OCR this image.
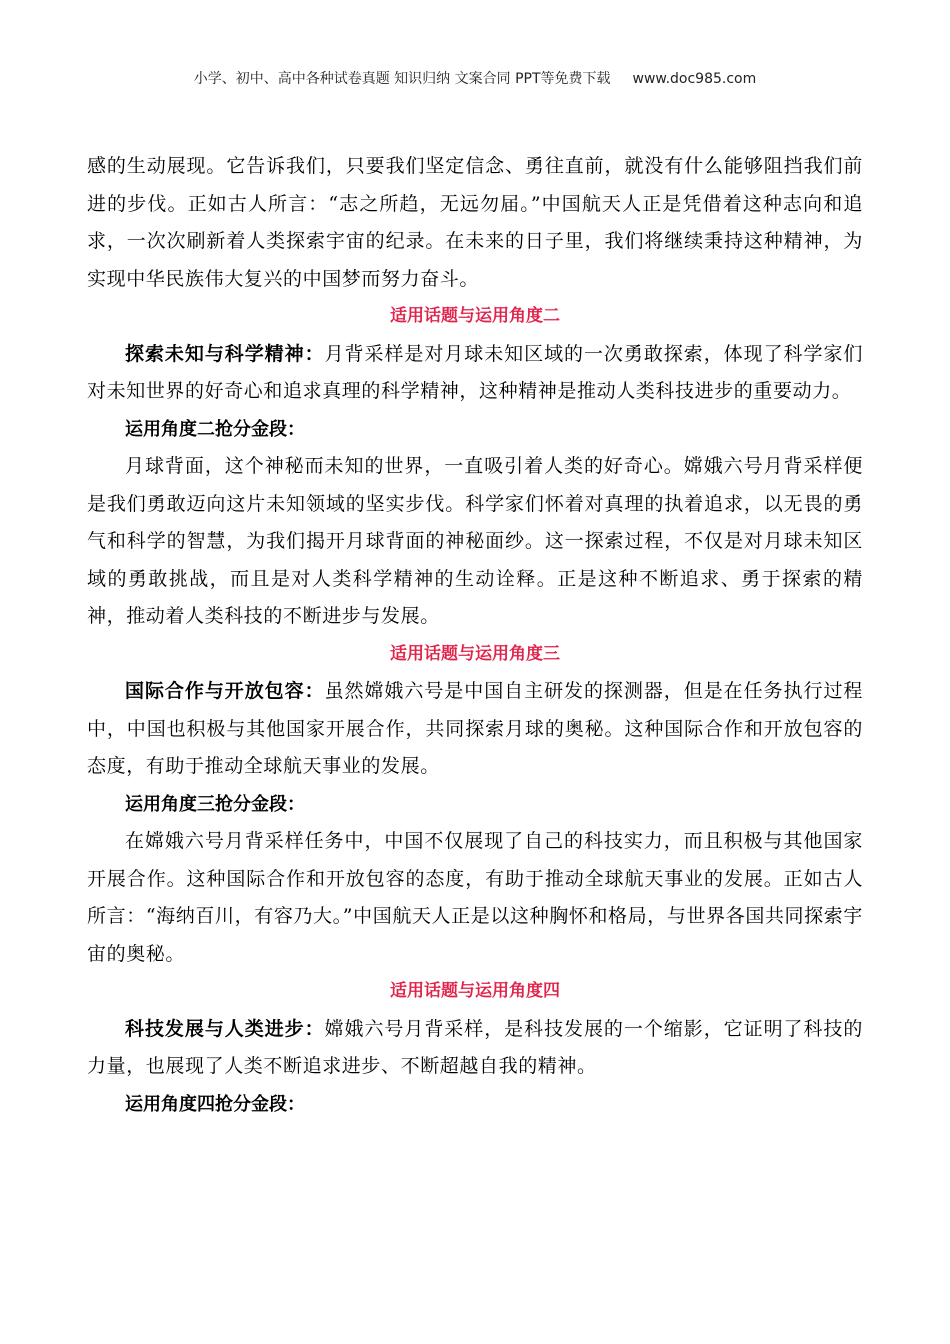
小学、初中、高中各种试卷真题 知识归纳 文案合同 PPT等免费下载 www.doc985.com

感的生动展现。它告诉我们，只要我们坚定信念、勇往直前，就没有什么能够阻挡我们前进的步伐。正如古人所言：“志之所趋，无远勿届。”中国航天人正是凭借着这种志向和追求，一次次刷新着人类探索宇宙的纪录。在未来的日子里，我们将继续秉持这种精神，为实现中华民族伟大复兴的中国梦而努力奋斗。

适用话题与运用角度二

探索未知与科学精神：月背采样是对月球未知区域的一次勇敢探索，体现了科学家们对未知世界的好奇心和追求真理的科学精神，这种精神是推动人类科技进步的重要动力。

运用角度二抢分金段：

月球背面，这个神秘而未知的世界，一直吸引着人类的好奇心。嫦娥六号月背采样便是我们勇敢迈向这片未知领域的坚实步伐。科学家们怀着对真理的执着追求，以无畏的勇气和科学的智慧，为我们揭开月球背面的神秘面纱。这一探索过程，不仅是对月球未知区域的勇敢挑战，而且是对人类科学精神的生动诠释。正是这种不断追求、勇于探索的精神，推动着人类科技的不断进步与发展。

适用话题与运用角度三

国际合作与开放包容：虽然嫦娥六号是中国自主研发的探测器，但是在任务执行过程中，中国也积极与其他国家开展合作，共同探索月球的奥秘。这种国际合作和开放包容的态度，有助于推动全球航天事业的发展。

运用角度三抢分金段：

在嫦娥六号月背采样任务中，中国不仅展现了自己的科技实力，而且积极与其他国家开展合作。这种国际合作和开放包容的态度，有助于推动全球航天事业的发展。正如古人所言：“海纳百川，有容乃大。”中国航天人正是以这种胸怀和格局，与世界各国共同探索宇宙的奥秘。

适用话题与运用角度四

科技发展与人类进步：嫦娥六号月背采样，是科技发展的一个缩影，它证明了科技的力量，也展现了人类不断追求进步、不断超越自我的精神。

运用角度四抢分金段：
